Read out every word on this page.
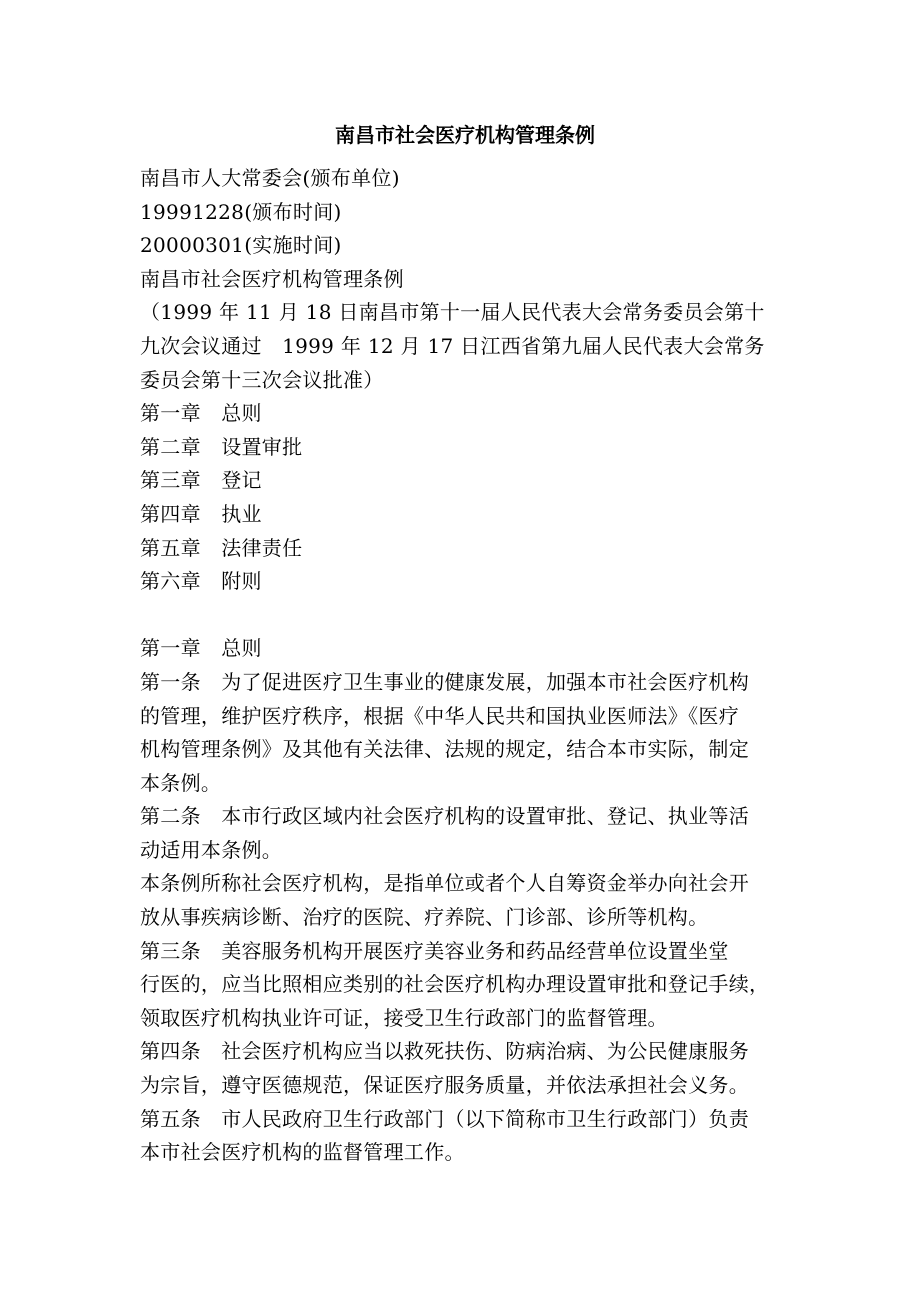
南昌市社会医疗机构管理条例
南昌市人大常委会(颁布单位)
19991228(颁布时间)
20000301(实施时间)
南昌市社会医疗机构管理条例
（1999 年 11 月 18 日南昌市第十一届人民代表大会常务委员会第十
九次会议通过　1999 年 12 月 17 日江西省第九届人民代表大会常务
委员会第十三次会议批准）
第一章　总则
第二章　设置审批
第三章　登记
第四章　执业
第五章　法律责任
第六章　附则
第一章　总则
第一条　为了促进医疗卫生事业的健康发展，加强本市社会医疗机构
的管理，维护医疗秩序，根据《中华人民共和国执业医师法》《医疗
机构管理条例》及其他有关法律、法规的规定，结合本市实际，制定
本条例。
第二条　本市行政区域内社会医疗机构的设置审批、登记、执业等活
动适用本条例。
本条例所称社会医疗机构，是指单位或者个人自筹资金举办向社会开
放从事疾病诊断、治疗的医院、疗养院、门诊部、诊所等机构。
第三条　美容服务机构开展医疗美容业务和药品经营单位设置坐堂
行医的，应当比照相应类别的社会医疗机构办理设置审批和登记手续，
领取医疗机构执业许可证，接受卫生行政部门的监督管理。
第四条　社会医疗机构应当以救死扶伤、防病治病、为公民健康服务
为宗旨，遵守医德规范，保证医疗服务质量，并依法承担社会义务。
第五条　市人民政府卫生行政部门（以下简称市卫生行政部门）负责
本市社会医疗机构的监督管理工作。
